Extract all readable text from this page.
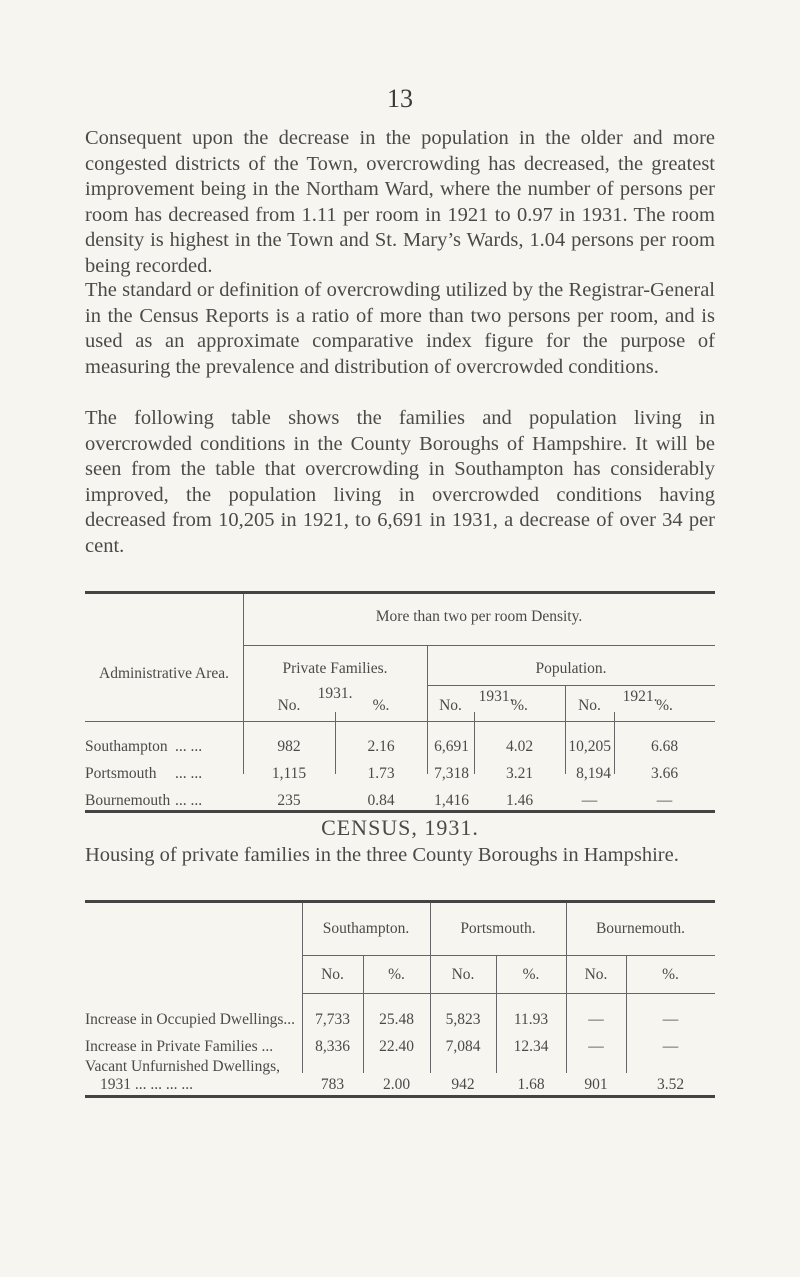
13

Consequent upon the decrease in the population in the older and more congested districts of the Town, overcrowding has decreased, the greatest improvement being in the Northam Ward, where the number of persons per room has decreased from 1.11 per room in 1921 to 0.97 in 1931. The room density is highest in the Town and St. Mary’s Wards, 1.04 persons per room being recorded.

The standard or definition of overcrowding utilized by the Registrar-General in the Census Reports is a ratio of more than two persons per room, and is used as an approximate comparative index figure for the purpose of measuring the prevalence and distribution of overcrowded conditions.

The following table shows the families and population living in overcrowded conditions in the County Boroughs of Hampshire. It will be seen from the table that overcrowding in Southampton has considerably improved, the population living in overcrowded conditions having decreased from 10,205 in 1921, to 6,691 in 1931, a decrease of over 34 per cent.

Administrative Area.
More than two per room Density.
Private Families.	Population.
1931.	1931.	1921.
No.	%.	No.	%.	No.	%.
Southampton ... ...	982	2.16	6,691	4.02	10,205	6.68
Portsmouth ... ...	1,115	1.73	7,318	3.21	8,194	3.66
Bournemouth ... ...	235	0.84	1,416	1.46	—	—
CENSUS, 1931.

Housing of private families in the three County Boroughs in Hampshire.

Southampton.	Portsmouth.	Bournemouth.
No.	%.	No.	%.	No.	%.
Increase in Occupied Dwellings...	7,733	25.48	5,823	11.93	—	—
Increase in Private Families ...	8,336	22.40	7,084	12.34	—	—
Vacant Unfurnished Dwellings,
1931 ... ... ... ...	783	2.00	942	1.68	901	3.52
